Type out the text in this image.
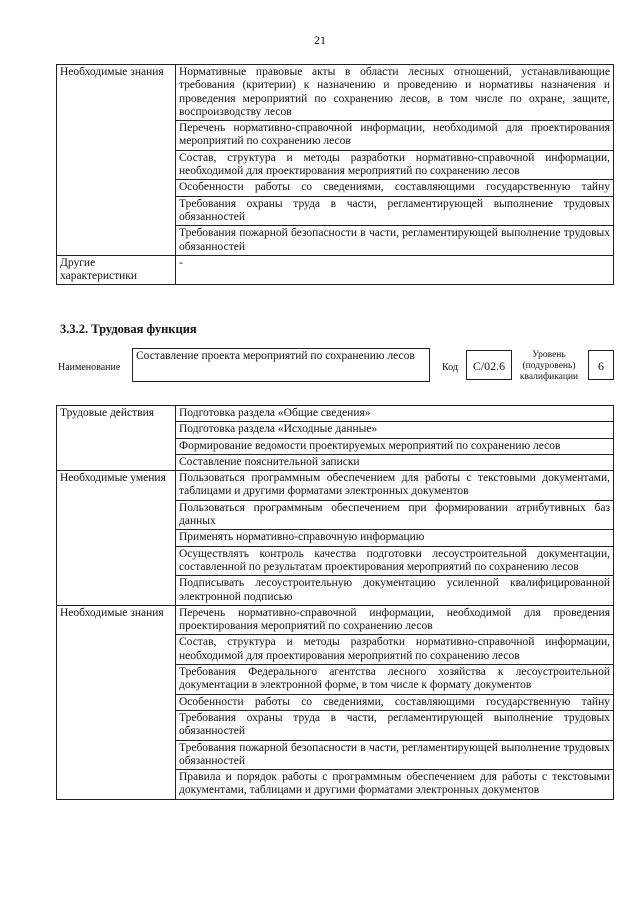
21
Необходимые знания	Нормативные правовые акты в области лесных отношений, устанавливающие требования (критерии) к назначению и проведению и нормативы назначения и проведения мероприятий по сохранению лесов, в том числе по охране, защите, воспроизводству лесов
	Перечень нормативно-справочной информации, необходимой для проектирования мероприятий по сохранению лесов
	Состав, структура и методы разработки нормативно-справочной информации, необходимой для проектирования мероприятий по сохранению лесов
	Особенности работы со сведениями, составляющими государственную тайну
	Требования охраны труда в части, регламентирующей выполнение трудовых обязанностей
	Требования пожарной безопасности в части, регламентирующей выполнение трудовых обязанностей
Другие характеристики	-
3.3.2. Трудовая функция
Наименование
Составление проекта мероприятий по сохранению лесов
Код	C/02.6
Уровень (подуровень) квалификации
6
Трудовые действия	Подготовка раздела «Общие сведения»
	Подготовка раздела «Исходные данные»
	Формирование ведомости проектируемых мероприятий по сохранению лесов
	Составление пояснительной записки
Необходимые умения	Пользоваться программным обеспечением для работы с текстовыми документами, таблицами и другими форматами электронных документов
	Пользоваться программным обеспечением при формировании атрибутивных баз данных
	Применять нормативно-справочную информацию
	Осуществлять контроль качества подготовки лесоустроительной документации, составленной по результатам проектирования мероприятий по сохранению лесов
	Подписывать лесоустроительную документацию усиленной квалифицированной электронной подписью
Необходимые знания	Перечень нормативно-справочной информации, необходимой для проведения проектирования мероприятий по сохранению лесов
	Состав, структура и методы разработки нормативно-справочной информации, необходимой для проектирования мероприятий по сохранению лесов
	Требования Федерального агентства лесного хозяйства к лесоустроительной документации в электронной форме, в том числе к формату документов
	Особенности работы со сведениями, составляющими государственную тайну
	Требования охраны труда в части, регламентирующей выполнение трудовых обязанностей
	Требования пожарной безопасности в части, регламентирующей выполнение трудовых обязанностей
	Правила и порядок работы с программным обеспечением для работы с текстовыми документами, таблицами и другими форматами электронных документов
